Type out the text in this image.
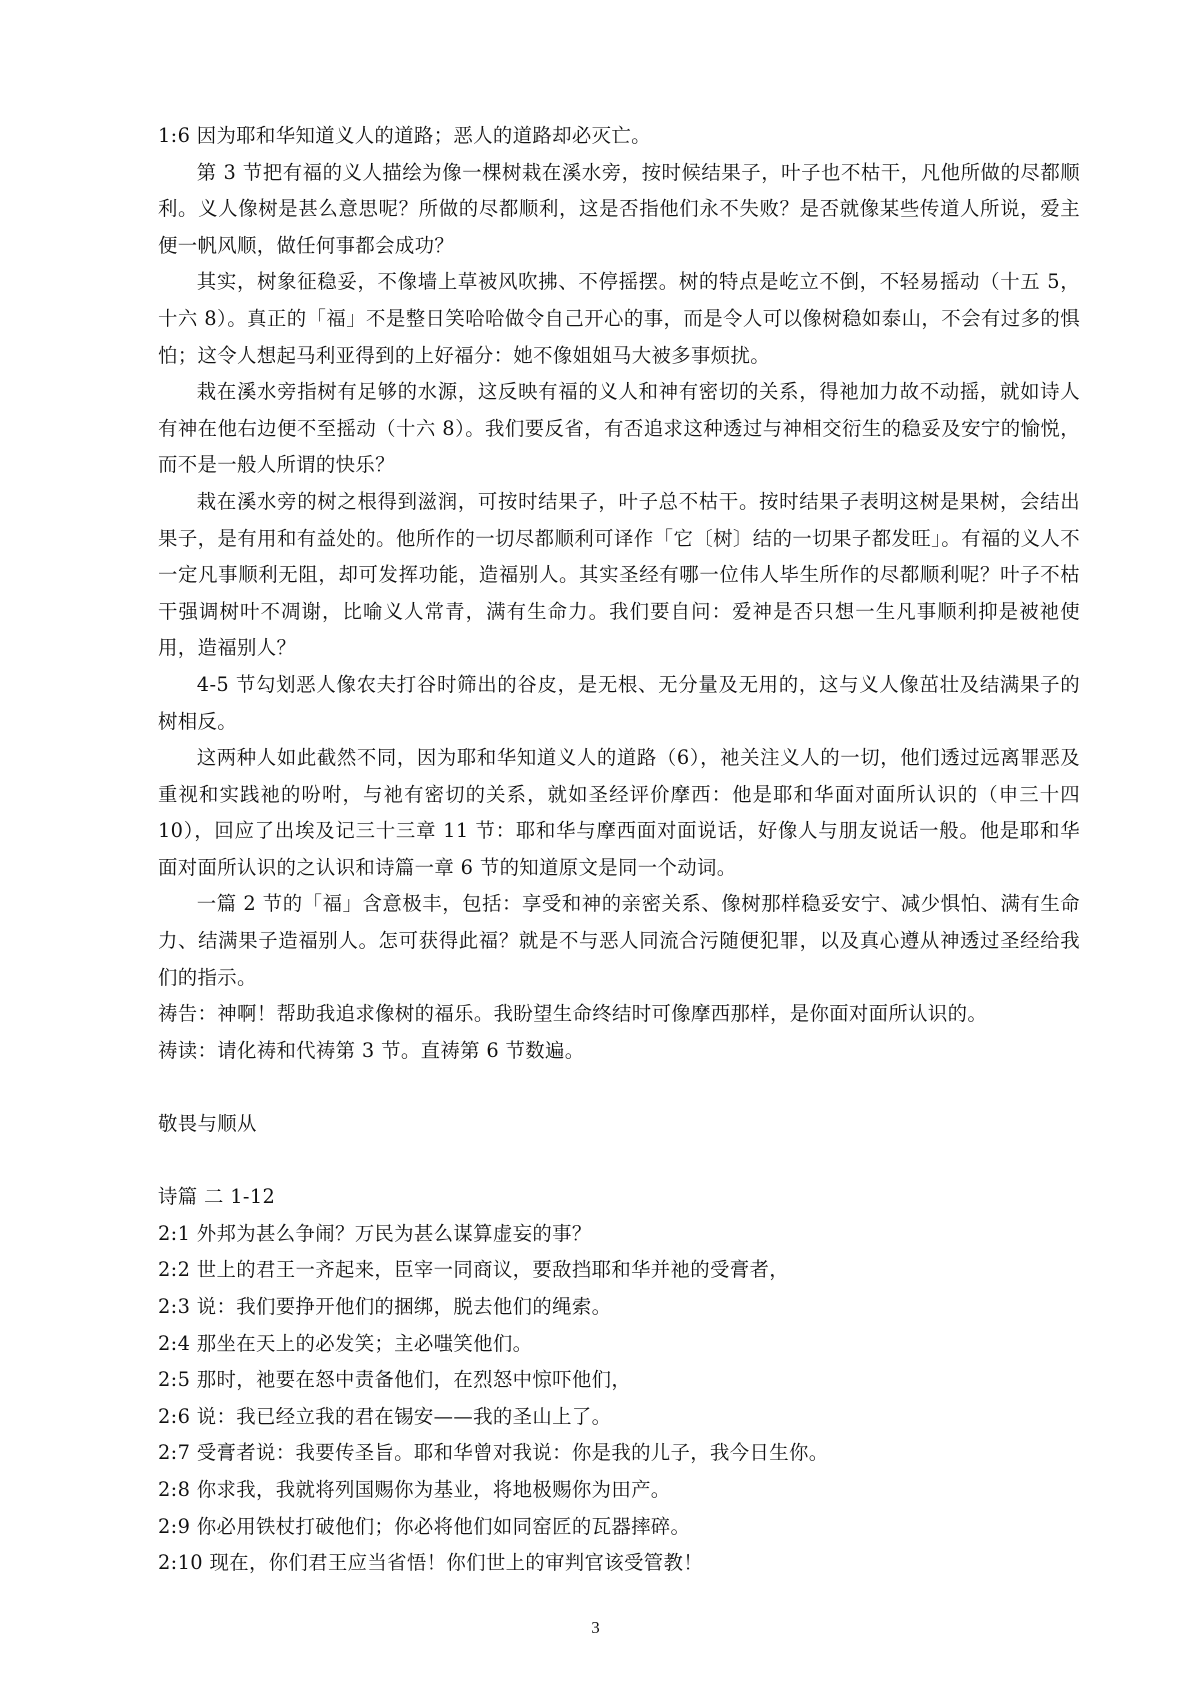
1:6 因为耶和华知道义人的道路；恶人的道路却必灭亡。

第 3 节把有福的义人描绘为像一棵树栽在溪水旁，按时候结果子，叶子也不枯干，凡他所做的尽都顺利。义人像树是甚么意思呢？所做的尽都顺利，这是否指他们永不失败？是否就像某些传道人所说，爱主便一帆风顺，做任何事都会成功？

其实，树象征稳妥，不像墙上草被风吹拂、不停摇摆。树的特点是屹立不倒，不轻易摇动（十五 5，十六 8）。真正的「福」不是整日笑哈哈做令自己开心的事，而是令人可以像树稳如泰山，不会有过多的惧怕；这令人想起马利亚得到的上好福分：她不像姐姐马大被多事烦扰。

栽在溪水旁指树有足够的水源，这反映有福的义人和神有密切的关系，得祂加力故不动摇，就如诗人有神在他右边便不至摇动（十六 8）。我们要反省，有否追求这种透过与神相交衍生的稳妥及安宁的愉悦，而不是一般人所谓的快乐？

栽在溪水旁的树之根得到滋润，可按时结果子，叶子总不枯干。按时结果子表明这树是果树，会结出果子，是有用和有益处的。他所作的一切尽都顺利可译作「它〔树〕结的一切果子都发旺」。有福的义人不一定凡事顺利无阻，却可发挥功能，造福别人。其实圣经有哪一位伟人毕生所作的尽都顺利呢？叶子不枯干强调树叶不凋谢，比喻义人常青，满有生命力。我们要自问：爱神是否只想一生凡事顺利抑是被祂使用，造福别人？

4-5 节勾划恶人像农夫打谷时筛出的谷皮，是无根、无分量及无用的，这与义人像茁壮及结满果子的树相反。

这两种人如此截然不同，因为耶和华知道义人的道路（6），祂关注义人的一切，他们透过远离罪恶及重视和实践祂的吩咐，与祂有密切的关系，就如圣经评价摩西：他是耶和华面对面所认识的（申三十四 10），回应了出埃及记三十三章 11 节：耶和华与摩西面对面说话，好像人与朋友说话一般。他是耶和华面对面所认识的之认识和诗篇一章 6 节的知道原文是同一个动词。

一篇 2 节的「福」含意极丰，包括：享受和神的亲密关系、像树那样稳妥安宁、减少惧怕、满有生命力、结满果子造福别人。怎可获得此福？就是不与恶人同流合污随便犯罪，以及真心遵从神透过圣经给我们的指示。

祷告：神啊！帮助我追求像树的福乐。我盼望生命终结时可像摩西那样，是你面对面所认识的。

祷读：请化祷和代祷第 3 节。直祷第 6 节数遍。

敬畏与顺从

诗篇 二 1-12

2:1 外邦为甚么争闹？万民为甚么谋算虚妄的事？

2:2 世上的君王一齐起来，臣宰一同商议，要敌挡耶和华并祂的受膏者，

2:3 说：我们要挣开他们的捆绑，脱去他们的绳索。

2:4 那坐在天上的必发笑；主必嗤笑他们。

2:5 那时，祂要在怒中责备他们，在烈怒中惊吓他们，

2:6 说：我已经立我的君在锡安——我的圣山上了。

2:7 受膏者说：我要传圣旨。耶和华曾对我说：你是我的儿子，我今日生你。

2:8 你求我，我就将列国赐你为基业，将地极赐你为田产。

2:9 你必用铁杖打破他们；你必将他们如同窑匠的瓦器摔碎。

2:10 现在，你们君王应当省悟！你们世上的审判官该受管教！

3
